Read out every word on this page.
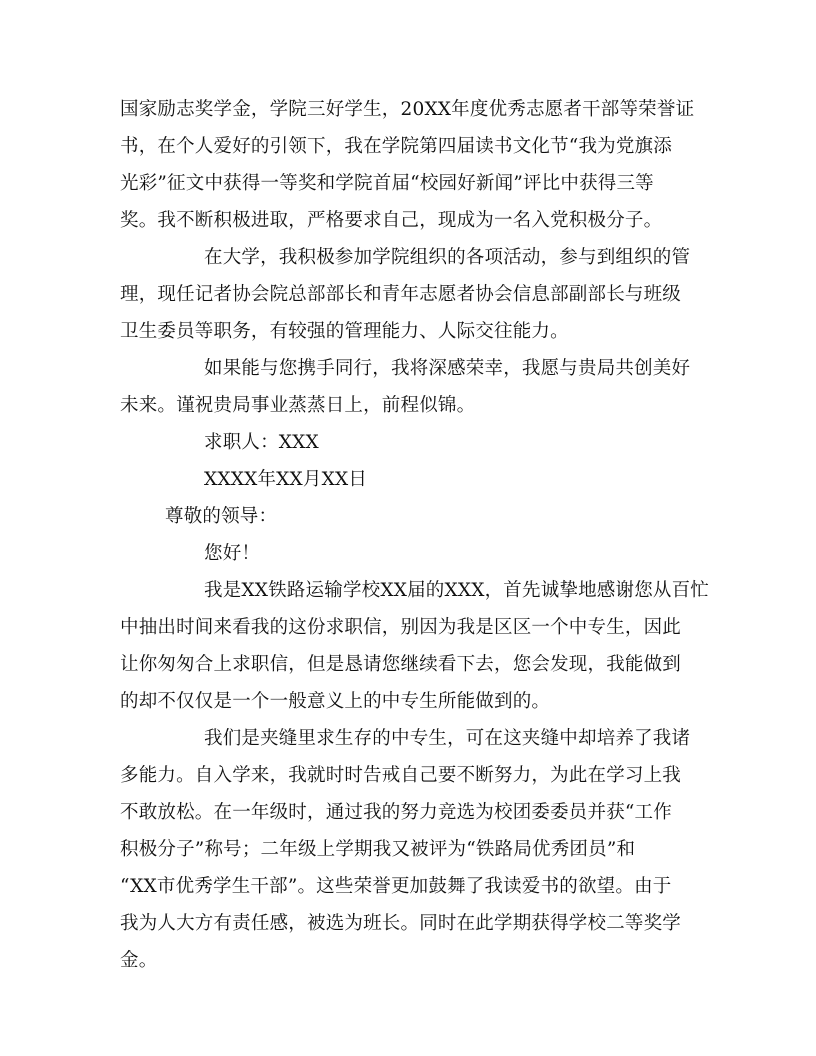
国家励志奖学金，学院三好学生，20XX年度优秀志愿者干部等荣誉证
书，在个人爱好的引领下，我在学院第四届读书文化节“我为党旗添
光彩”征文中获得一等奖和学院首届“校园好新闻”评比中获得三等
奖。我不断积极进取，严格要求自己，现成为一名入党积极分子。
在大学，我积极参加学院组织的各项活动，参与到组织的管
理，现任记者协会院总部部长和青年志愿者协会信息部副部长与班级
卫生委员等职务，有较强的管理能力、人际交往能力。
如果能与您携手同行，我将深感荣幸，我愿与贵局共创美好
未来。谨祝贵局事业蒸蒸日上，前程似锦。
求职人：XXX
XXXX年XX月XX日
尊敬的领导：
您好！
我是XX铁路运输学校XX届的XXX，首先诚挚地感谢您从百忙
中抽出时间来看我的这份求职信，别因为我是区区一个中专生，因此
让你匆匆合上求职信，但是恳请您继续看下去，您会发现，我能做到
的却不仅仅是一个一般意义上的中专生所能做到的。
我们是夹缝里求生存的中专生，可在这夹缝中却培养了我诸
多能力。自入学来，我就时时告戒自己要不断努力，为此在学习上我
不敢放松。在一年级时，通过我的努力竞选为校团委委员并获“工作
积极分子”称号；二年级上学期我又被评为“铁路局优秀团员”和
“XX市优秀学生干部”。这些荣誉更加鼓舞了我读爱书的欲望。由于
我为人大方有责任感，被选为班长。同时在此学期获得学校二等奖学
金。
